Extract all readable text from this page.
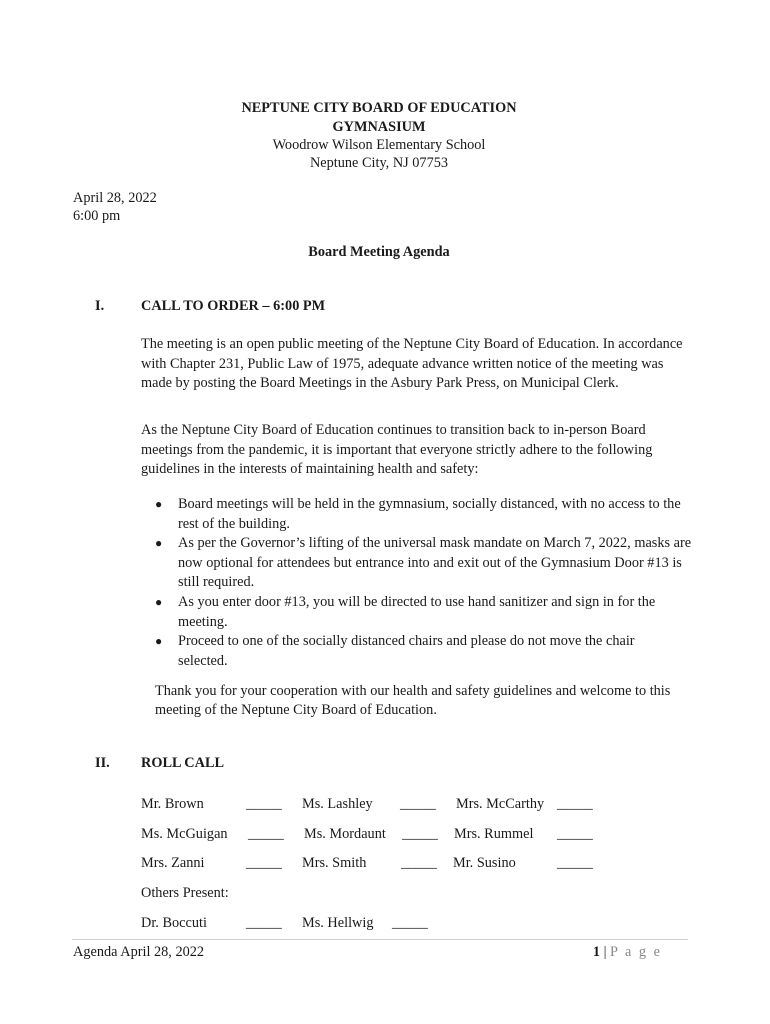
NEPTUNE CITY BOARD OF EDUCATION
GYMNASIUM
Woodrow Wilson Elementary School
Neptune City, NJ 07753
April 28, 2022
6:00 pm
Board Meeting Agenda
I.	CALL TO ORDER – 6:00 PM
The meeting is an open public meeting of the Neptune City Board of Education. In accordance with Chapter 231, Public Law of 1975, adequate advance written notice of the meeting was made by posting the Board Meetings in the Asbury Park Press, on Municipal Clerk.
As the Neptune City Board of Education continues to transition back to in-person Board meetings from the pandemic, it is important that everyone strictly adhere to the following guidelines in the interests of maintaining health and safety:
● Board meetings will be held in the gymnasium, socially distanced, with no access to the rest of the building.
● As per the Governor’s lifting of the universal mask mandate on March 7, 2022, masks are now optional for attendees but entrance into and exit out of the Gymnasium Door #13 is still required.
● As you enter door #13, you will be directed to use hand sanitizer and sign in for the meeting.
● Proceed to one of the socially distanced chairs and please do not move the chair selected.
Thank you for your cooperation with our health and safety guidelines and welcome to this meeting of the Neptune City Board of Education.
II. ROLL CALL
Mr. Brown	_____ Ms. Lashley _____ Mrs. McCarthy _____
Ms. McGuigan _____ Ms. Mordaunt _____ Mrs. Rummel _____
Mrs. Zanni	_____ Mrs. Smith _____ Mr. Susino	_____
Others Present:
Dr. Boccuti	_____ Ms. Hellwig _____
Agenda April 28, 2022	1 | P a g e
